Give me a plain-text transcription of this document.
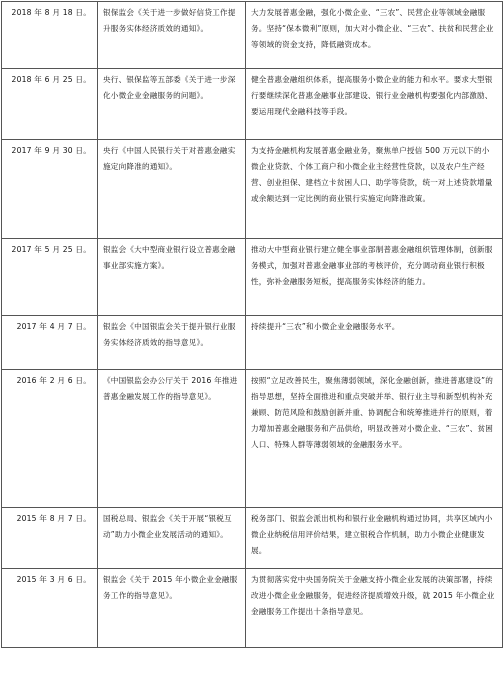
2018 年 8 月 18 日。	银保监会《关于进一步做好信贷工作提升服务实体经济质效的通知》。	大力发展普惠金融，强化小微企业、“三农”、民营企业等领域金融服务。坚持“保本微利”原则，加大对小微企业、“三农”、扶贫和民营企业等领域的资金支持，降低融资成本。
2018 年 6 月 25 日。	央行、银保监等五部委《关于进一步深化小微企业金融服务的问题》。	健全普惠金融组织体系，提高服务小微企业的能力和水平。要求大型银行要继续深化普惠金融事业部建设、银行业金融机构要强化内部激励、要运用现代金融科技等手段。
2017 年 9 月 30 日。	央行《中国人民银行关于对普惠金融实施定向降准的通知》。	为支持金融机构发展普惠金融业务，聚焦单户授信 500 万元以下的小微企业贷款、个体工商户和小微企业主经营性贷款，以及农户生产经营、创业担保、建档立卡贫困人口、助学等贷款，统一对上述贷款增量或余额达到一定比例的商业银行实施定向降准政策。
2017 年 5 月 25 日。	银监会《大中型商业银行设立普惠金融事业部实施方案》。	推动大中型商业银行建立健全事业部制普惠金融组织管理体制，创新服务模式，加强对普惠金融事业部的考核评价，充分调动商业银行积极性，弥补金融服务短板，提高服务实体经济的能力。
2017 年 4 月 7 日。	银监会《中国银监会关于提升银行业服务实体经济质效的指导意见》。	持续提升“三农”和小微企业金融服务水平。
2016 年 2 月 6 日。	《中国银监会办公厅关于 2016 年推进普惠金融发展工作的指导意见》。	按照“立足改善民生，聚焦薄弱领域，深化金融创新，推进普惠建设”的指导思想，坚持全面推进和重点突破并举、银行业主导和新型机构补充兼顾、防范风险和鼓励创新并重、协调配合和统筹推进并行的原则，着力增加普惠金融服务和产品供给，明显改善对小微企业、“三农”、贫困人口、特殊人群等薄弱领域的金融服务水平。
2015 年 8 月 7 日。	国税总局、银监会《关于开展“银税互动”助力小微企业发展活动的通知》。	税务部门、银监会派出机构和银行业金融机构通过协同，共享区域内小微企业纳税信用评价结果，建立银税合作机制，助力小微企业健康发展。
2015 年 3 月 6 日。	银监会《关于 2015 年小微企业金融服务工作的指导意见》。	为贯彻落实党中央国务院关于金融支持小微企业发展的决策部署，持续改进小微企业金融服务，促进经济提质增效升级，就 2015 年小微企业金融服务工作提出十条指导意见。
